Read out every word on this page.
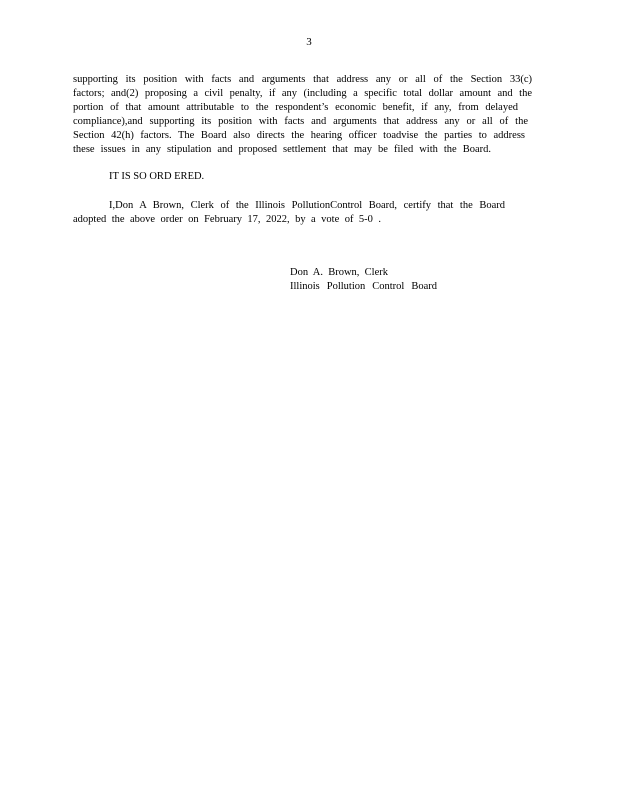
3
supporting its position with facts and arguments that address any or all of the Section 33(c)
factors; and(2) proposing a civil penalty, if any (including a specific total dollar amount and the
portion of that amount attributable to the respondent’s economic benefit, if any, from delayed
compliance),and supporting its position with facts and arguments that address any or all of the
Section 42(h) factors. The Board also directs the hearing officer toadvise the parties to address
these issues in any stipulation and proposed settlement that may be filed with the Board.
IT IS SO ORD ERED.
I,Don A Brown, Clerk of the Illinois PollutionControl Board, certify that the Board
adopted the above order on February 17, 2022, by a vote of 5-0 .
Don A. Brown, Clerk
Illinois Pollution Control Board
